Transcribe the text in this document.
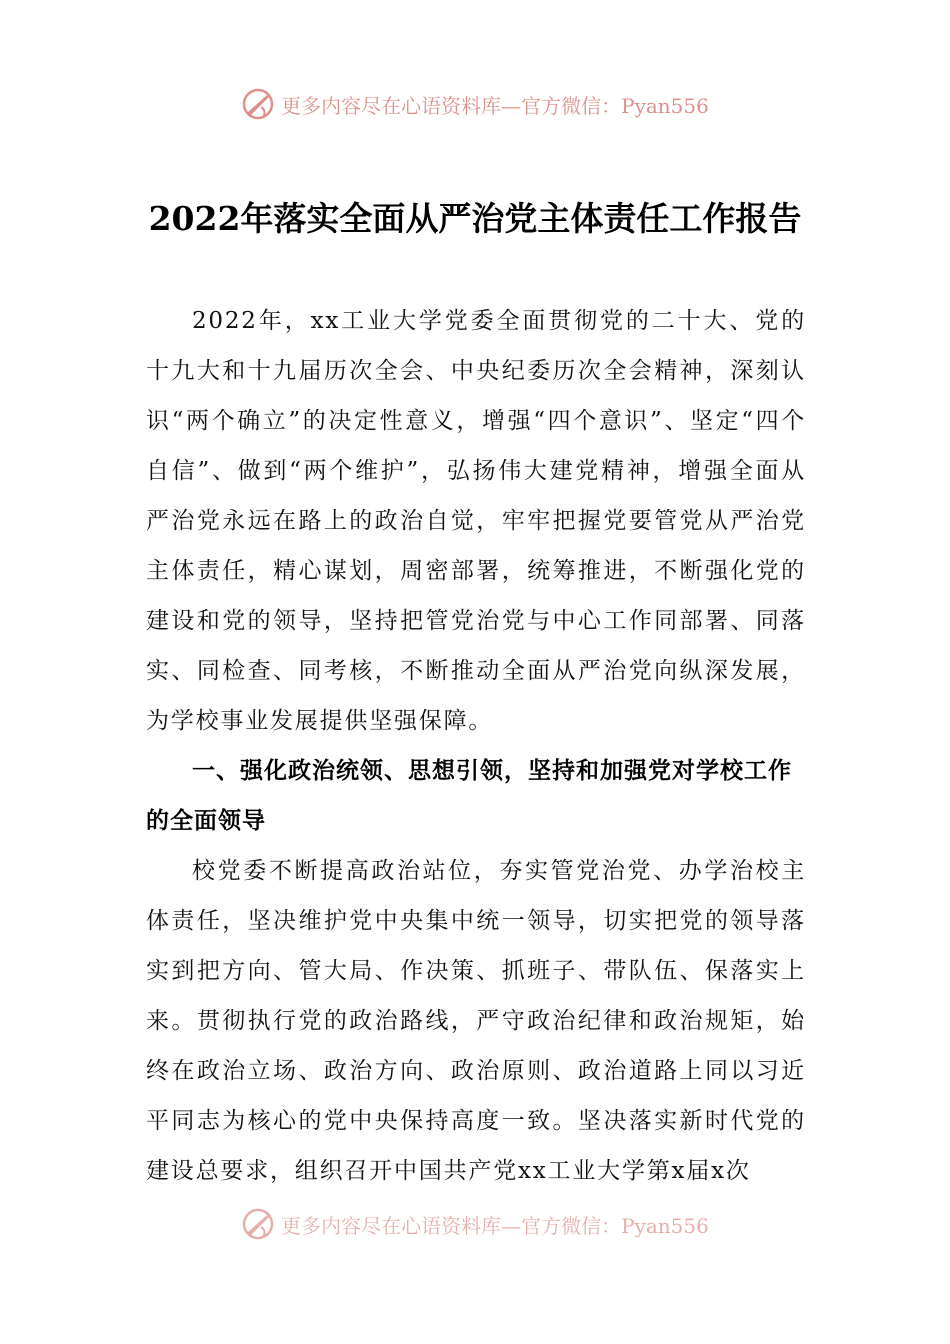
更多内容尽在心语资料库—官方微信：Pyan556
2022年落实全面从严治党主体责任工作报告

2022年，xx工业大学党委全面贯彻党的二十大、党的十九大和十九届历次全会、中央纪委历次全会精神，深刻认识“两个确立”的决定性意义，增强“四个意识”、坚定“四个自信”、做到“两个维护”，弘扬伟大建党精神，增强全面从严治党永远在路上的政治自觉，牢牢把握党要管党从严治党主体责任，精心谋划，周密部署，统筹推进，不断强化党的建设和党的领导，坚持把管党治党与中心工作同部署、同落实、同检查、同考核，不断推动全面从严治党向纵深发展，为学校事业发展提供坚强保障。

一、强化政治统领、思想引领，坚持和加强党对学校工作的全面领导

校党委不断提高政治站位，夯实管党治党、办学治校主体责任，坚决维护党中央集中统一领导，切实把党的领导落实到把方向、管大局、作决策、抓班子、带队伍、保落实上来。贯彻执行党的政治路线，严守政治纪律和政治规矩，始终在政治立场、政治方向、政治原则、政治道路上同以习近平同志为核心的党中央保持高度一致。坚决落实新时代党的建设总要求，组织召开中国共产党xx工业大学第x届x次

更多内容尽在心语资料库—官方微信：Pyan556
